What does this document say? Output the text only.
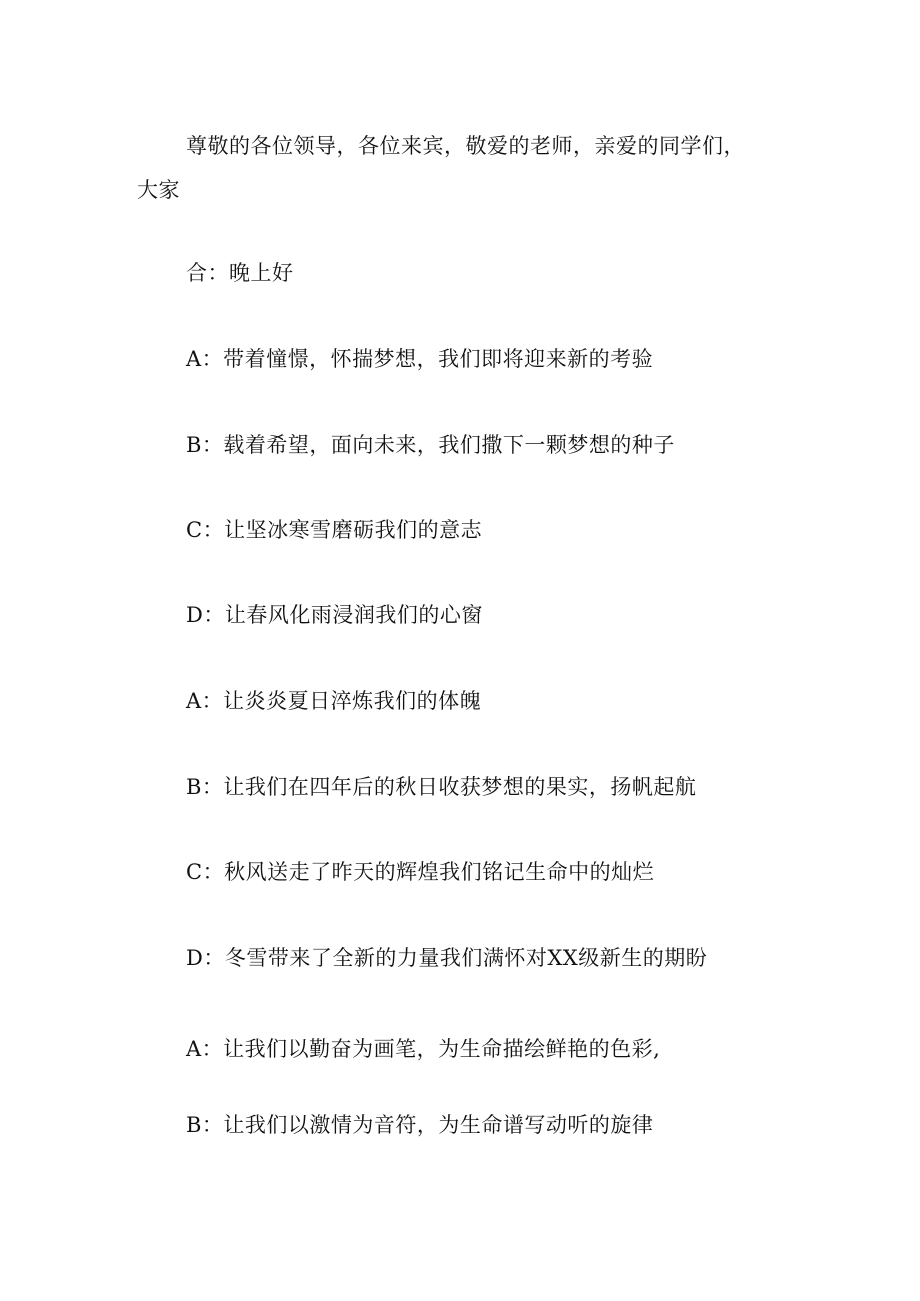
尊敬的各位领导，各位来宾，敬爱的老师，亲爱的同学们，大家

合：晚上好
A：带着憧憬，怀揣梦想，我们即将迎来新的考验
B：载着希望，面向未来，我们撒下一颗梦想的种子
C：让坚冰寒雪磨砺我们的意志
D：让春风化雨浸润我们的心窗
A：让炎炎夏日淬炼我们的体魄
B：让我们在四年后的秋日收获梦想的果实，扬帆起航
C：秋风送走了昨天的辉煌我们铭记生命中的灿烂
D：冬雪带来了全新的力量我们满怀对XX级新生的期盼
A：让我们以勤奋为画笔，为生命描绘鲜艳的色彩,
B：让我们以激情为音符，为生命谱写动听的旋律
